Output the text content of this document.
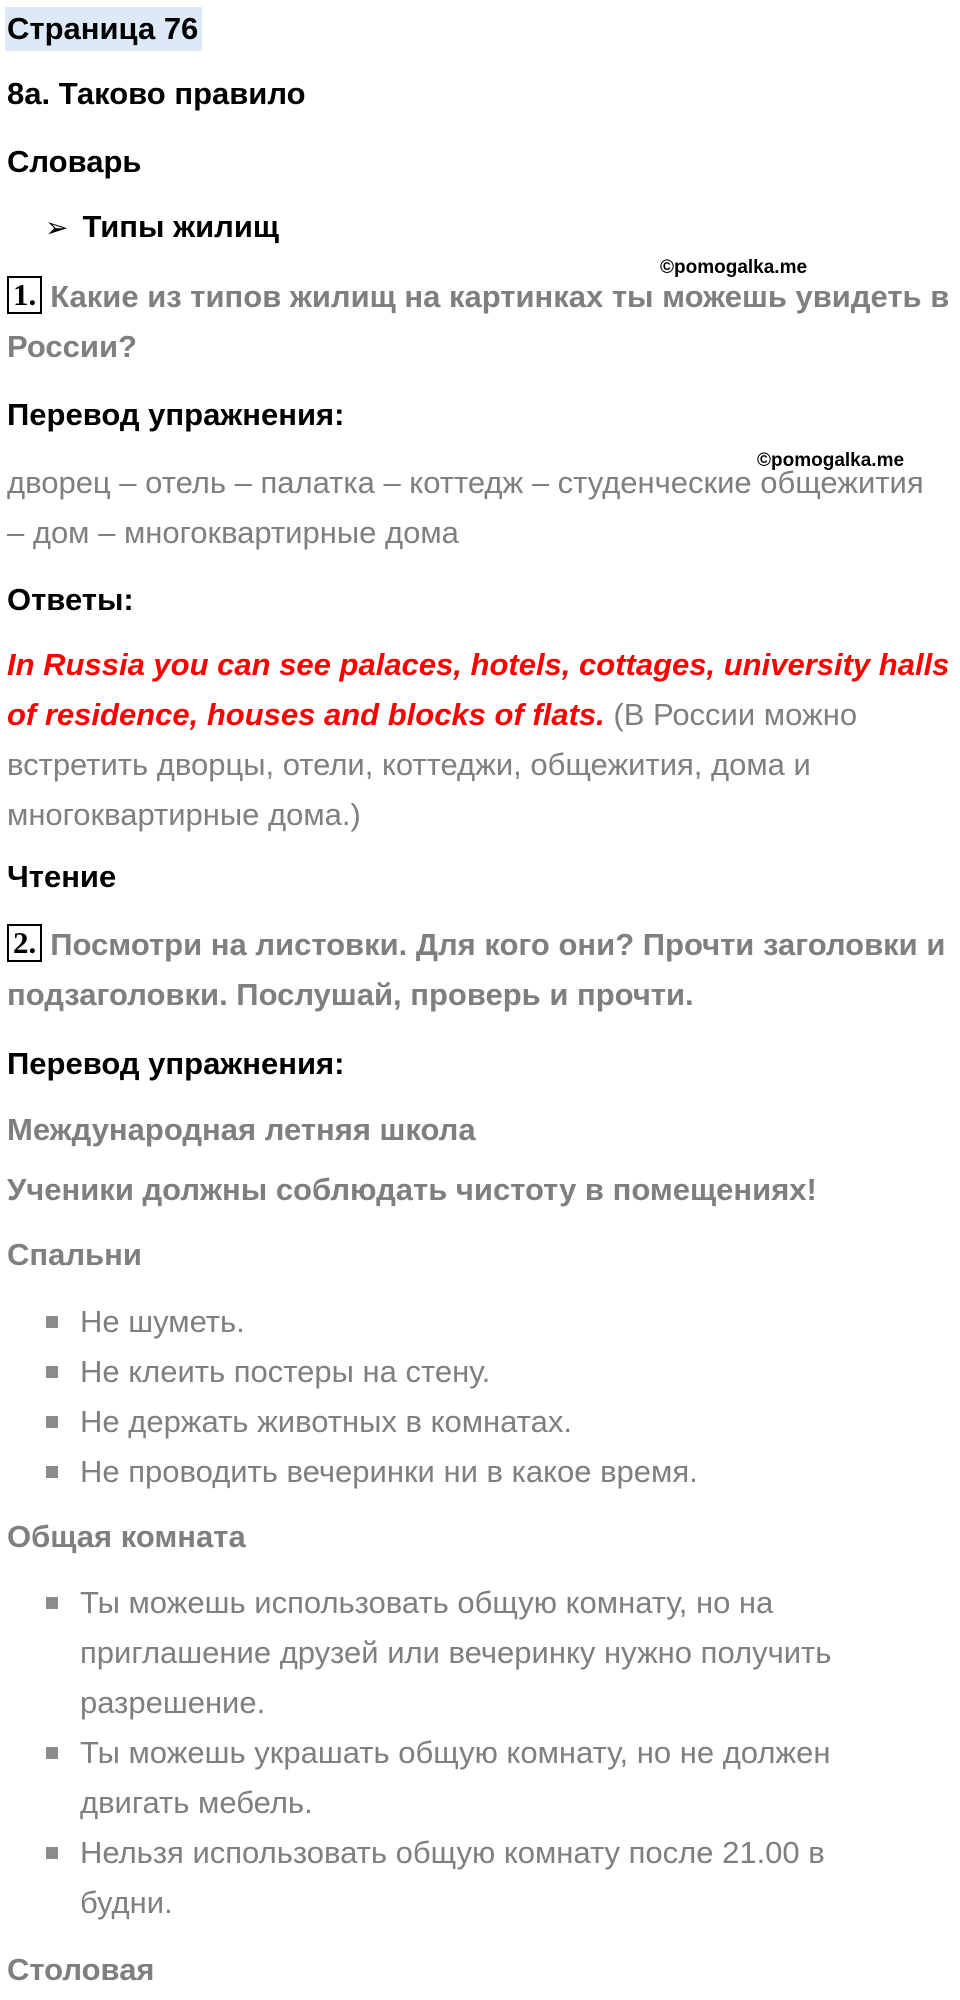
Страница 76

8a. Таково правило

Словарь

➢ Типы жилищ
©pomogalka.me

1. Какие из типов жилищ на картинках ты можешь увидеть в России?

Перевод упражнения:

©pomogalka.me

дворец – отель – палатка – коттедж – студенческие общежития – дом – многоквартирные дома

Ответы:

In Russia you can see palaces, hotels, cottages, university halls of residence, houses and blocks of flats. (В России можно встретить дворцы, отели, коттеджи, общежития, дома и многоквартирные дома.)

Чтение

2. Посмотри на листовки. Для кого они? Прочти заголовки и подзаголовки. Послушай, проверь и прочти.

Перевод упражнения:

Международная летняя школа

Ученики должны соблюдать чистоту в помещениях!

Спальни

Не шуметь.
Не клеить постеры на стену.
Не держать животных в комнатах.
Не проводить вечеринки ни в какое время.

Общая комната

Ты можешь использовать общую комнату, но на приглашение друзей или вечеринку нужно получить разрешение.
Ты можешь украшать общую комнату, но не должен двигать мебель.
Нельзя использовать общую комнату после 21.00 в будни.

Столовая
